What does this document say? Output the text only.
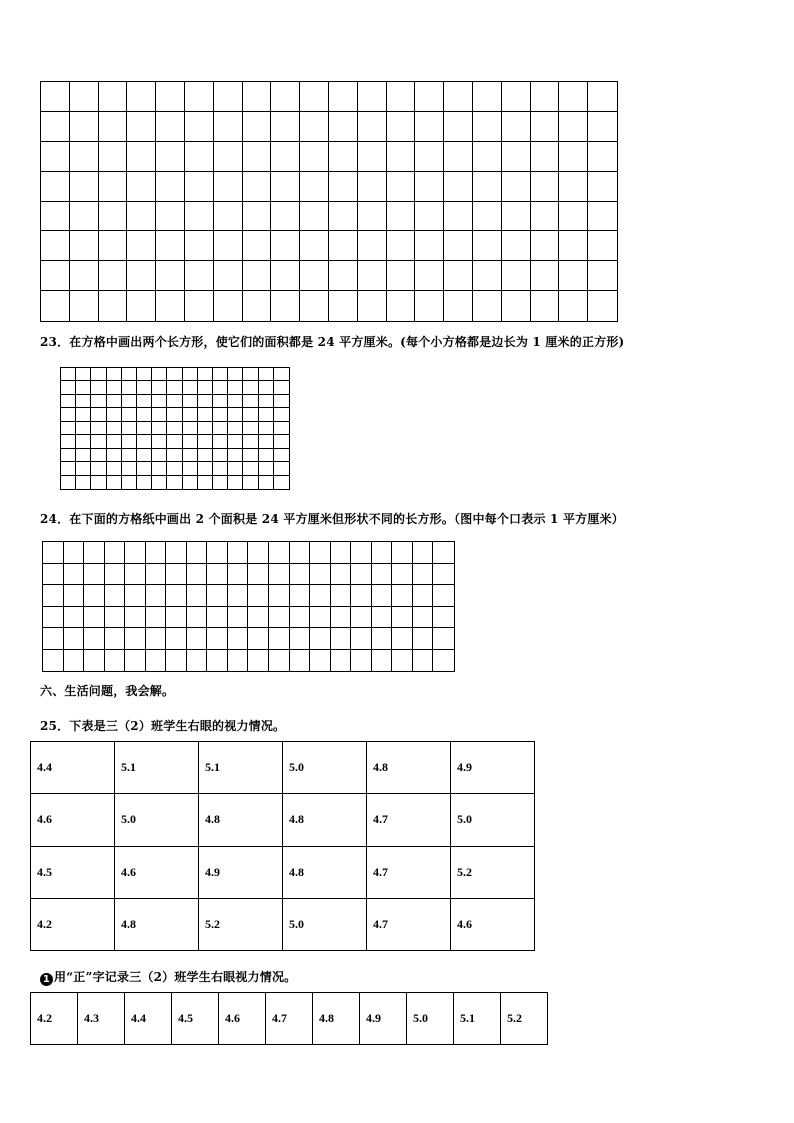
23．在方格中画出两个长方形，使它们的面积都是 24 平方厘米。(每个小方格都是边长为 1 厘米的正方形)
24．在下面的方格纸中画出 2 个面积是 24 平方厘米但形状不同的长方形。（图中每个口表示 1 平方厘米）
六、生活问题，我会解。
25．下表是三（2）班学生右眼的视力情况。
4.4	5.1	5.1	5.0	4.8	4.9
4.6	5.0	4.8	4.8	4.7	5.0
4.5	4.6	4.9	4.8	4.7	5.2
4.2	4.8	5.2	5.0	4.7	4.6
1 用“正”字记录三（2）班学生右眼视力情况。
4.2	4.3	4.4	4.5	4.6	4.7	4.8	4.9	5.0	5.1	5.2
